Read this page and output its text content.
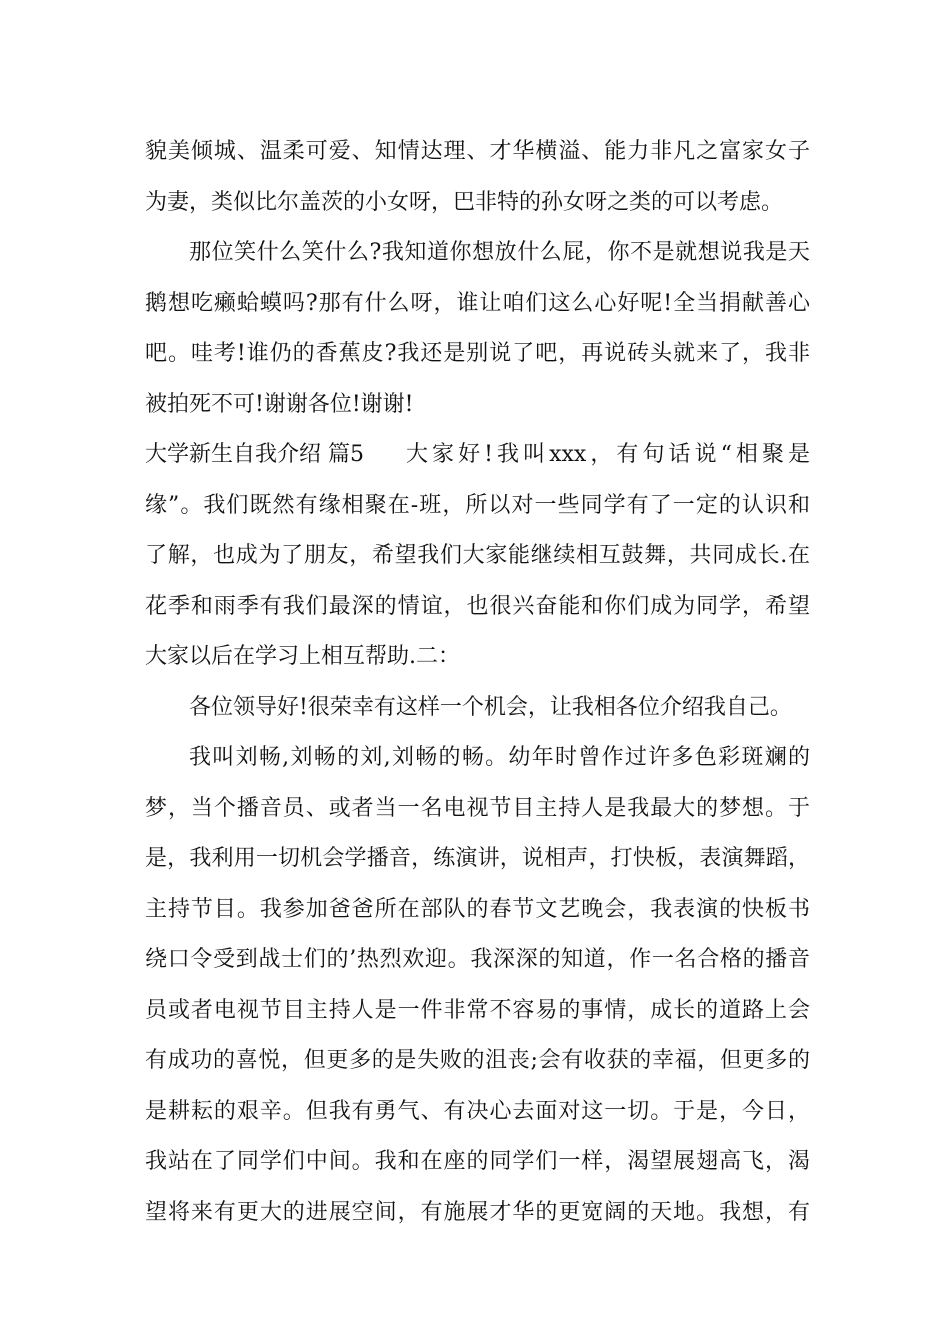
貌美倾城、温柔可爱、知情达理、才华横溢、能力非凡之富家女子
为妻，类似比尔盖茨的小女呀，巴非特的孙女呀之类的可以考虑。
那位笑什么笑什么?我知道你想放什么屁，你不是就想说我是天
鹅想吃癞蛤蟆吗?那有什么呀，谁让咱们这么心好呢!全当捐献善心
吧。哇考!谁仍的香蕉皮?我还是别说了吧，再说砖头就来了，我非
被拍死不可!谢谢各位!谢谢!
大学新生自我介绍 篇5 大家好!我叫xxx，有句话说“相聚是
缘”。我们既然有缘相聚在-班，所以对一些同学有了一定的认识和
了解，也成为了朋友，希望我们大家能继续相互鼓舞，共同成长.在
花季和雨季有我们最深的情谊，也很兴奋能和你们成为同学，希望
大家以后在学习上相互帮助.二：
各位领导好!很荣幸有这样一个机会，让我相各位介绍我自己。
我叫刘畅,刘畅的刘,刘畅的畅。幼年时曾作过许多色彩斑斓的
梦，当个播音员、或者当一名电视节目主持人是我最大的梦想。于
是，我利用一切机会学播音，练演讲，说相声，打快板，表演舞蹈，
主持节目。我参加爸爸所在部队的春节文艺晚会，我表演的快板书
绕口令受到战士们的’热烈欢迎。我深深的知道，作一名合格的播音
员或者电视节目主持人是一件非常不容易的事情，成长的道路上会
有成功的喜悦，但更多的是失败的沮丧;会有收获的幸福，但更多的
是耕耘的艰辛。但我有勇气、有决心去面对这一切。于是，今日，
我站在了同学们中间。我和在座的同学们一样，渴望展翅高飞，渴
望将来有更大的进展空间，有施展才华的更宽阔的天地。我想，有
